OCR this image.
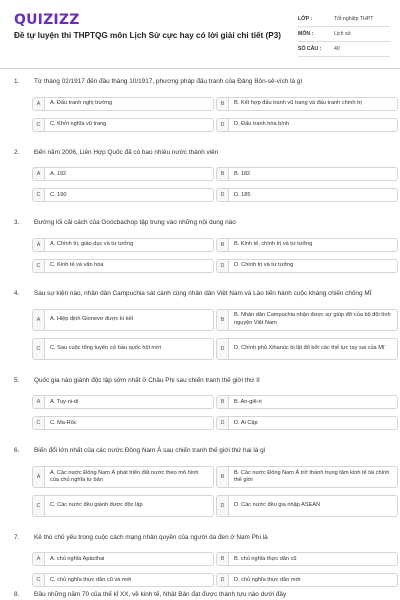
QUIZIZZ
Đề tự luyện thi THPTQG môn Lịch Sử cực hay có lời giải chi tiết (P3)
LỚP :	Tốt nghiệp THPT
MÔN :	Lịch sử
SỐ CÂU :	40
1. Từ tháng 02/1917 đến đầu tháng 10/1917, phương pháp đấu tranh của Đảng Bôn-sê-vích là gì
A	A. Đấu tranh nghị trường	B	B. Kết hợp đấu tranh vũ trang và đấu tranh chính trị
C	C. Khởi nghĩa vũ trang	D	D. Đấu tranh hòa bình
2. Đến năm 2006, Liên Hợp Quốc đã có bao nhiêu nước thành viên
A	A. 192	B	B. 182
C	C. 190	D	D. 185
3. Đường lối cải cách của Goócbachop tập trung vào những nội dung nào
A	A. Chính trị, giáo dục và tư tưởng	B	B. Kinh tế, chính trị và tư tưởng
C	C. Kinh tế và văn hóa	D	D. Chính trị và tư tưởng
4. Sau sự kiện nào, nhân dân Campuchia sát cánh cùng nhân dân Việt Nam và Lào tiến hành cuộc kháng chiến chống Mĩ
A	A. Hiệp định Gionevơ được kí kết	B
B. Nhân dân Campuchia nhận được sự giúp đỡ của bộ đội tình nguyện Việt Nam
C	C. Sau cuộc tổng tuyển cử bầu quốc hội mới	D	D. Chính phủ Xihanúc bị lật đổ bởi các thế lực tay sai của Mĩ
5. Quốc gia nào giành độc lập sớm nhất ở Châu Phi sau chiến tranh thế giới thứ II
A	A. Tuy-ni-di	B	B. An-giê-ri
C	C. Ma-Rốc	D	D. Ai Cập
6. Biến đổi lớn nhất của các nước Đông Nam Á sau chiến tranh thế giới thứ hai là gì
A
A. Các nước Đông Nam Á phát triển đất nước theo mô hình của chủ nghĩa tư bản	B
B. Các nước Đông Nam Á trở thành trung tâm kinh tế tài chính thế giới
C	C. Các nước đều giành được độc lập	D	D. Các nước đều gia nhập ASEAN
7. Kẻ thù chủ yếu trong cuộc cách mạng nhân quyền của người da đen ở Nam Phi là
A	A. chủ nghĩa Apácthai	B	B. chủ nghĩa thực dân cũ
C	C. chủ nghĩa thực dân cũ và mới	D	D. chủ nghĩa thực dân mới
8. Đầu những năm 70 của thế kỉ XX, về kinh tế, Nhật Bản đạt được thành tựu nào dưới đây
